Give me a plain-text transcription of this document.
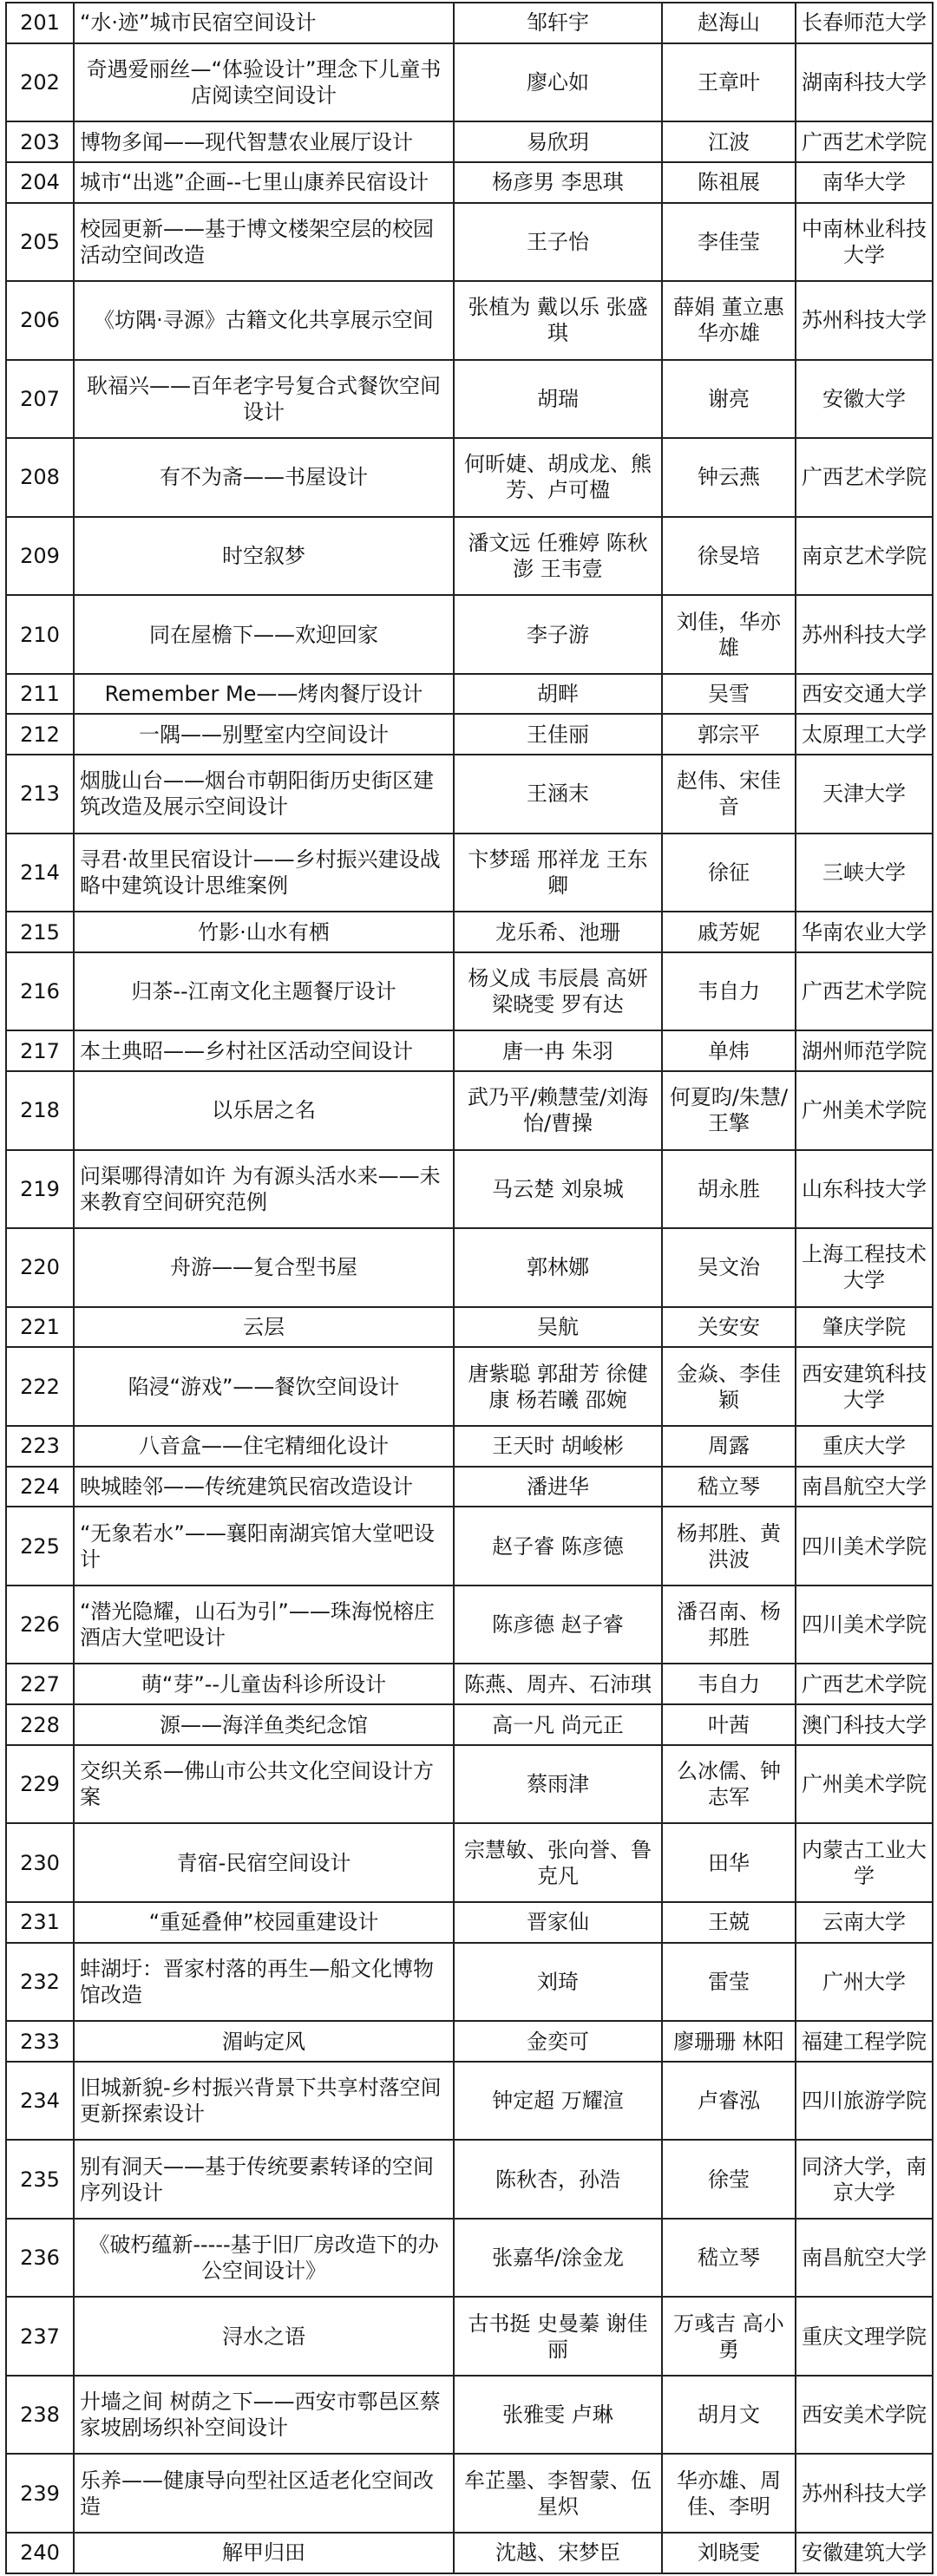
201	“水·迹”城市民宿空间设计	邹轩宇	赵海山	长春师范大学
202	奇遇爱丽丝—“体验设计”理念下儿童书店阅读空间设计	廖心如	王章叶	湖南科技大学
203	博物多闻——现代智慧农业展厅设计	易欣玥	江波	广西艺术学院
204	城市“出逃”企画--七里山康养民宿设计	杨彦男 李思琪	陈祖展	南华大学
205	校园更新——基于博文楼架空层的校园活动空间改造	王子怡	李佳莹	中南林业科技大学
206	《坊隅·寻源》古籍文化共享展示空间	张植为 戴以乐 张盛琪	薛娟 董立惠 华亦雄	苏州科技大学
207	耿福兴——百年老字号复合式餐饮空间设计	胡瑞	谢亮	安徽大学
208	有不为斋——书屋设计	何昕婕、胡成龙、熊芳、卢可楹	钟云燕	广西艺术学院
209	时空叙梦	潘文远 任雅婷 陈秋澎 王韦壹	徐旻培	南京艺术学院
210	同在屋檐下——欢迎回家	李子游	刘佳，华亦雄	苏州科技大学
211	Remember Me——烤肉餐厅设计	胡畔	吴雪	西安交通大学
212	一隅——别墅室内空间设计	王佳丽	郭宗平	太原理工大学
213	烟胧山台——烟台市朝阳街历史街区建筑改造及展示空间设计	王涵末	赵伟、宋佳音	天津大学
214	寻君·故里民宿设计——乡村振兴建设战略中建筑设计思维案例	卞梦瑶 邢祥龙 王东卿	徐征	三峡大学
215	竹影·山水有栖	龙乐希、池珊	戚芳妮	华南农业大学
216	归茶--江南文化主题餐厅设计	杨义成 韦辰晨 高妍 梁晓雯 罗有达	韦自力	广西艺术学院
217	本土典昭——乡村社区活动空间设计	唐一冉 朱羽	单炜	湖州师范学院
218	以乐居之名	武乃平/赖慧莹/刘海怡/曹操	何夏昀/朱慧/王擎	广州美术学院
219	问渠哪得清如许 为有源头活水来——未来教育空间研究范例	马云楚 刘泉城	胡永胜	山东科技大学
220	舟游——复合型书屋	郭林娜	吴文治	上海工程技术大学
221	云层	吴航	关安安	肇庆学院
222	陷浸“游戏”——餐饮空间设计	唐紫聪 郭甜芳 徐健康 杨若曦 邵婉	金焱、李佳颖	西安建筑科技大学
223	八音盒——住宅精细化设计	王天时 胡峻彬	周露	重庆大学
224	映城睦邻——传统建筑民宿改造设计	潘进华	嵇立琴	南昌航空大学
225	“无象若水”——襄阳南湖宾馆大堂吧设计	赵子睿 陈彦德	杨邦胜、黄洪波	四川美术学院
226	“潜光隐耀，山石为引”——珠海悦榕庄酒店大堂吧设计	陈彦德 赵子睿	潘召南、杨邦胜	四川美术学院
227	萌“芽”--儿童齿科诊所设计	陈燕、周卉、石沛琪	韦自力	广西艺术学院
228	源——海洋鱼类纪念馆	高一凡 尚元正	叶茜	澳门科技大学
229	交织关系—佛山市公共文化空间设计方案	蔡雨津	么冰儒、钟志军	广州美术学院
230	青宿-民宿空间设计	宗慧敏、张向誉、鲁克凡	田华	内蒙古工业大学
231	“重延叠伸”校园重建设计	晋家仙	王兢	云南大学
232	蚌湖圩：晋家村落的再生—船文化博物馆改造	刘琦	雷莹	广州大学
233	湄屿定风	金奕可	廖珊珊 林阳	福建工程学院
234	旧城新貌-乡村振兴背景下共享村落空间更新探索设计	钟定超 万耀渲	卢睿泓	四川旅游学院
235	别有洞天——基于传统要素转译的空间序列设计	陈秋杏，孙浩	徐莹	同济大学，南京大学
236	《破朽蕴新-----基于旧厂房改造下的办公空间设计》	张嘉华/涂金龙	嵇立琴	南昌航空大学
237	浔水之语	古书挺 史曼蓁 谢佳丽	万彧吉 高小勇	重庆文理学院
238	廾墙之间 树荫之下——西安市鄠邑区蔡家坡剧场织补空间设计	张雅雯 卢琳	胡月文	西安美术学院
239	乐养——健康导向型社区适老化空间改造	牟芷墨、李智蒙、伍星炽	华亦雄、周佳、李明	苏州科技大学
240	解甲归田	沈越、宋梦臣	刘晓雯	安徽建筑大学
